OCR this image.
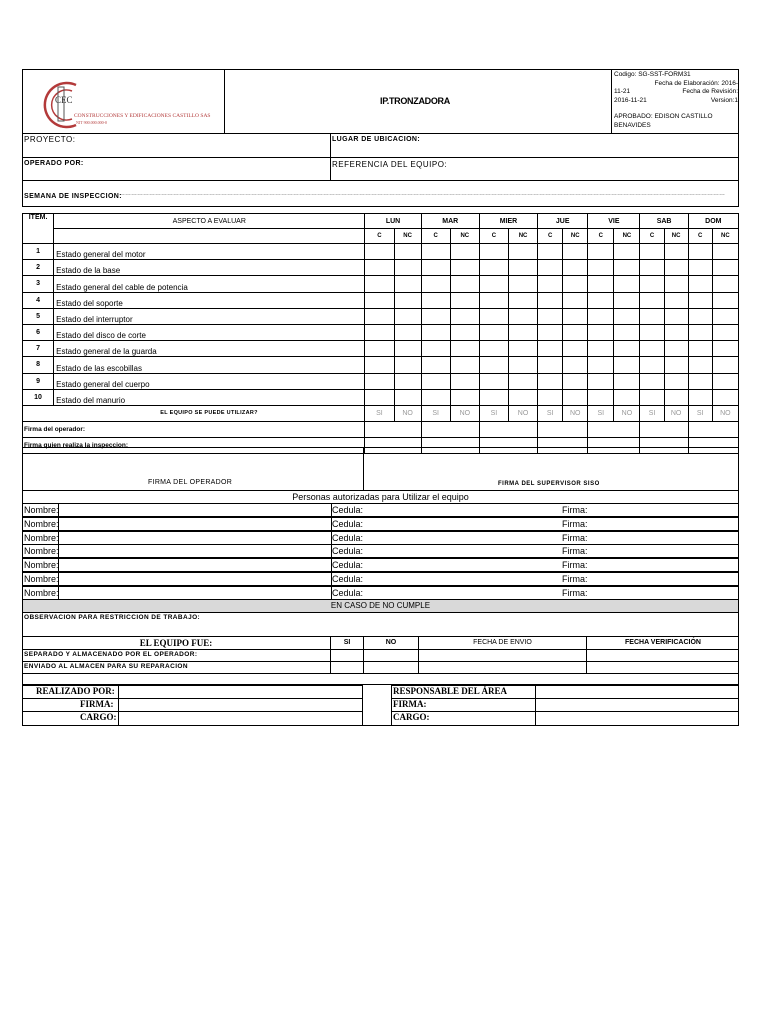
CEC
CONSTRUCCIONES Y EDIFICACIONES CASTILLO SAS
NIT 900.000.000-0
IP.TRONZADORA
Codigo: SG-SST-FORM31
Fecha de Elaboración: 2016-
11-21	Fecha de Revisión:
2016-11-21	Version:1
APROBADO: EDISON CASTILLO
BENAVIDES
PROYECTO:	LUGAR DE UBICACION:
OPERADO POR:	REFERENCIA DEL EQUIPO:
SEMANA DE INSPECCION:
……………………………………………………………………………………………………………………………………………………………………………………………………………………………………………………………………………
ITEM.	ASPECTO A EVALUAR	LUN		MAR		MIER		JUE		VIE		SAB		DOM	
		C	NC	C	NC	C	NC	C	NC	C	NC	C	NC	C	NC
1	Estado general del motor														
2	Estado de la base														
3	Estado general del cable de potencia														
4	Estado del soporte														
5	Estado del interruptor														
6	Estado del disco de corte														
7	Estado general de la guarda														
8	Estado de las escobillas														
9	Estado general del cuerpo														
10	Estado del manurio														
	EL EQUIPO SE PUEDE UTILIZAR?	SI	NO	SI	NO	SI	NO	SI	NO	SI	NO	SI	NO	SI	NO
Firma del operador:															
Firma quien realiza la inspeccion:															
FIRMA DEL OPERADOR	FIRMA DEL SUPERVISOR SISO
Personas autorizadas para Utilizar el equipo
Nombre:	Cedula:	Firma:
Nombre:	Cedula:	Firma:
Nombre:	Cedula:	Firma:
Nombre:	Cedula:	Firma:
Nombre:	Cedula:	Firma:
Nombre:	Cedula:	Firma:
Nombre:	Cedula:	Firma:
EN CASO DE NO CUMPLE
OBSERVACION PARA RESTRICCION DE TRABAJO:
EL EQUIPO FUE:	SI	NO	FECHA DE ENVIO	FECHA VERIFICACIÓN
SEPARADO Y ALMACENADO POR EL OPERADOR:
ENVIADO AL ALMACEN PARA SU REPARACION
REALIZADO POR:
FIRMA:
CARGO:
RESPONSABLE DEL ÁREA
FIRMA:
CARGO:
